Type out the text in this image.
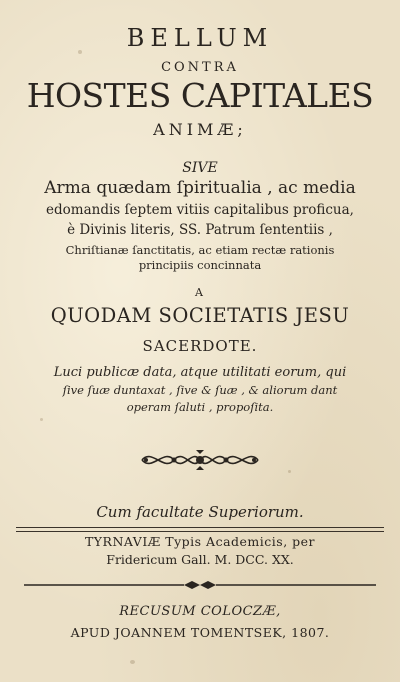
BELLUM
CONTRA
HOSTES CAPITALES
ANIMÆ;
SIVE
Arma quædam ſpiritualia , ac media
edomandis ſeptem vitiis capitalibus proficua,
è Divinis literis, SS. Patrum ſententiis ,
Chriſtianæ ſanctitatis, ac etiam rectæ rationis
principiis concinnata
A
QUODAM SOCIETATIS JESU
SACERDOTE.
Luci publicæ data, atque utilitati eorum, qui
ſive ſuæ duntaxat , ſive & ſuæ , & aliorum dant
operam ſaluti , propoſita.
Cum facultate Superiorum.
TYRNAVIÆ Typis Academicis, per
Fridericum Gall. M. DCC. XX.
RECUSUM COLOCZÆ,
APUD JOANNEM TOMENTSEK, 1807.
